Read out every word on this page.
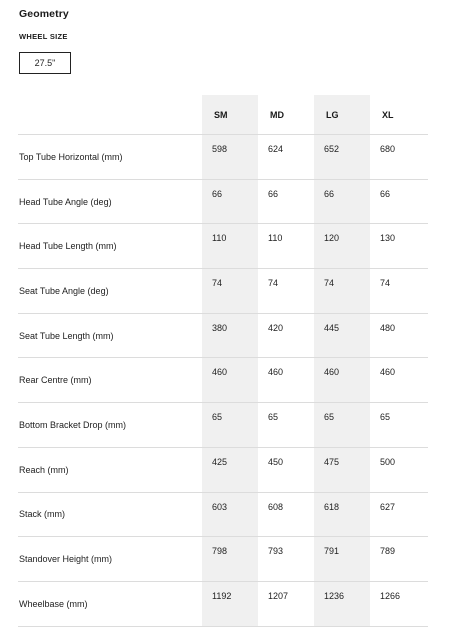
Geometry
WHEEL SIZE
27.5"
	SM	MD	LG	XL
Top Tube Horizontal (mm)	598	624	652	680
Head Tube Angle (deg)	66	66	66	66
Head Tube Length (mm)	110	110	120	130
Seat Tube Angle (deg)	74	74	74	74
Seat Tube Length (mm)	380	420	445	480
Rear Centre (mm)	460	460	460	460
Bottom Bracket Drop (mm)	65	65	65	65
Reach (mm)	425	450	475	500
Stack (mm)	603	608	618	627
Standover Height (mm)	798	793	791	789
Wheelbase (mm)	1192	1207	1236	1266
